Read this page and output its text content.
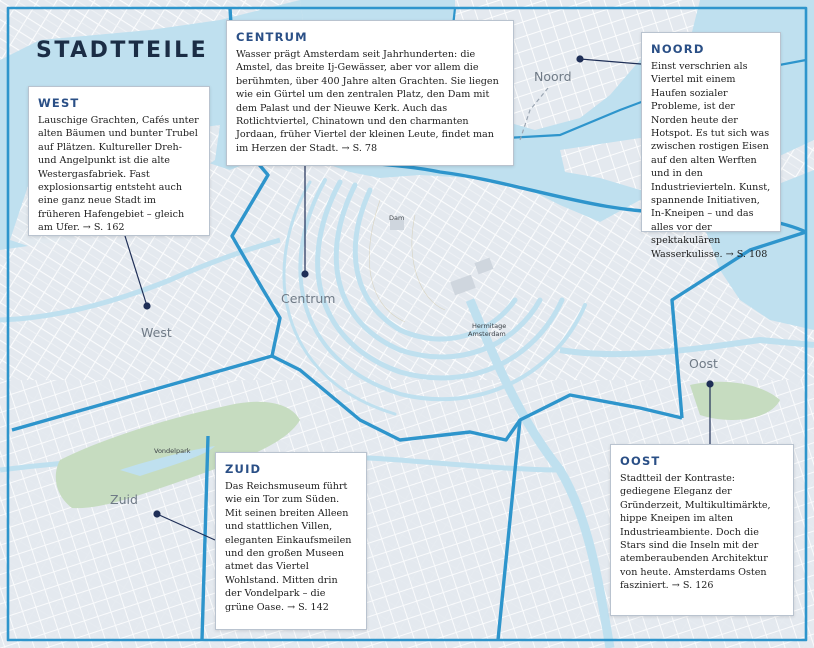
Noord
Centrum
West
Oost
Zuid
Dam
Hermitage
Amsterdam
Vondelpark
STADTTEILE
WEST

Lauschige Grachten, Cafés unter alten Bäumen und bunter Trubel auf Plätzen. Kultureller Dreh- und Angelpunkt ist die alte Westergasfabriek. Fast explosionsartig entsteht auch eine ganz neue Stadt im früheren Hafengebiet – gleich am Ufer. → S. 162

CENTRUM

Wasser prägt Amsterdam seit Jahrhunderten: die Amstel, das breite Ij-Gewässer, aber vor allem die berühmten, über 400 Jahre alten Grachten. Sie liegen wie ein Gürtel um den zentralen Platz, den Dam mit dem Palast und der Nieuwe Kerk. Auch das Rotlichtviertel, Chinatown und den charmanten Jordaan, früher Viertel der kleinen Leute, findet man im Herzen der Stadt. → S. 78

NOORD

Einst verschrien als Viertel mit einem Haufen sozialer Probleme, ist der Norden heute der Hotspot. Es tut sich was zwischen rostigen Eisen auf den alten Werften und in den Industrievierteln. Kunst, spannende Initiativen, In-Kneipen – und das alles vor der spektakulären Wasserkulisse. → S. 108

ZUID

Das Reichsmuseum führt wie ein Tor zum Süden. Mit seinen breiten Alleen und stattlichen Villen, eleganten Einkaufsmeilen und den großen Museen atmet das Viertel Wohlstand. Mitten drin der Vondelpark – die grüne Oase. → S. 142

OOST

Stadtteil der Kontraste: gediegene Eleganz der Gründerzeit, Multikultimärkte, hippe Kneipen im alten Industrieambiente. Doch die Stars sind die Inseln mit der atemberaubenden Architektur von heute. Amsterdams Osten fasziniert. → S. 126
